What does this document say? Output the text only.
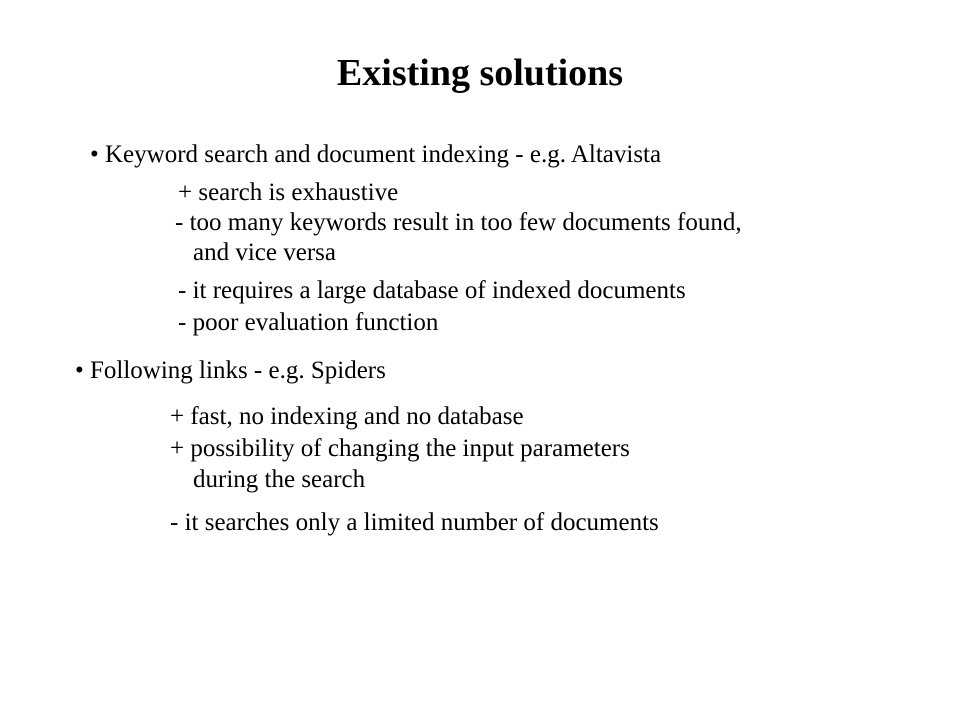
Existing solutions
• Keyword search and document indexing - e.g. Altavista
+ search is exhaustive
- too many keywords result in too few documents found,
and vice versa
- it requires a large database of indexed documents
- poor evaluation function
• Following links - e.g. Spiders
+ fast, no indexing and no database
+ possibility of changing the input parameters
during the search
- it searches only a limited number of documents
